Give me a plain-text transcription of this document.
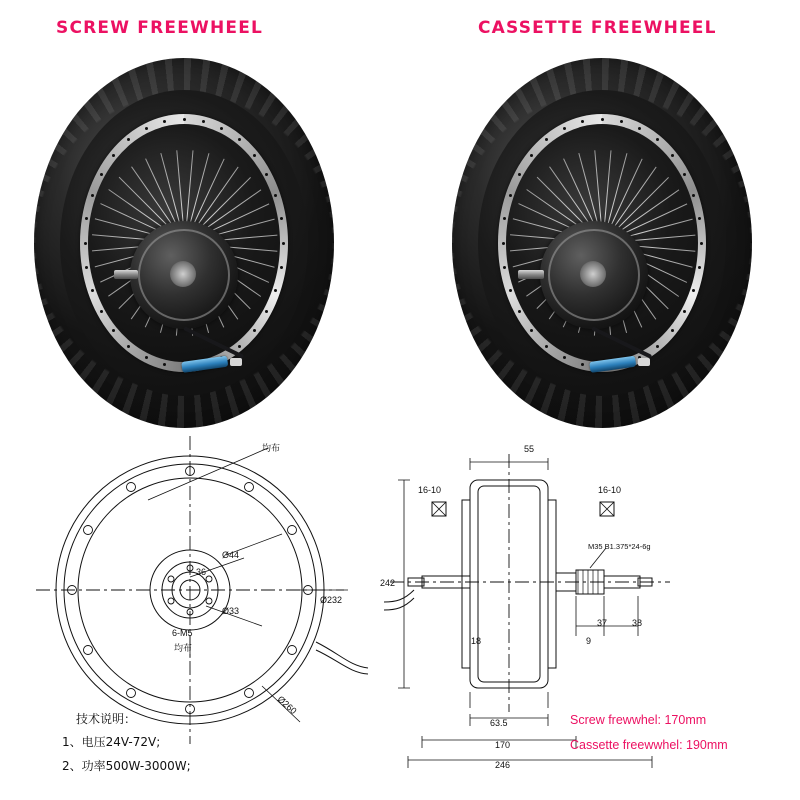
SCREW FREEWHEEL	CASSETTE FREEWHEEL
均布
Ø44
36
Ø33
Ø232
Ø260
6-M5
均布
55
16-10	16-10
M35 B1.375*24-6g
242
18	9
37	38
63.5
170
246
Screw frewwhel: 170mm
Cassette freewwhel: 190mm
技术说明：
1、电压24V-72V;
2、功率500W-3000W;
